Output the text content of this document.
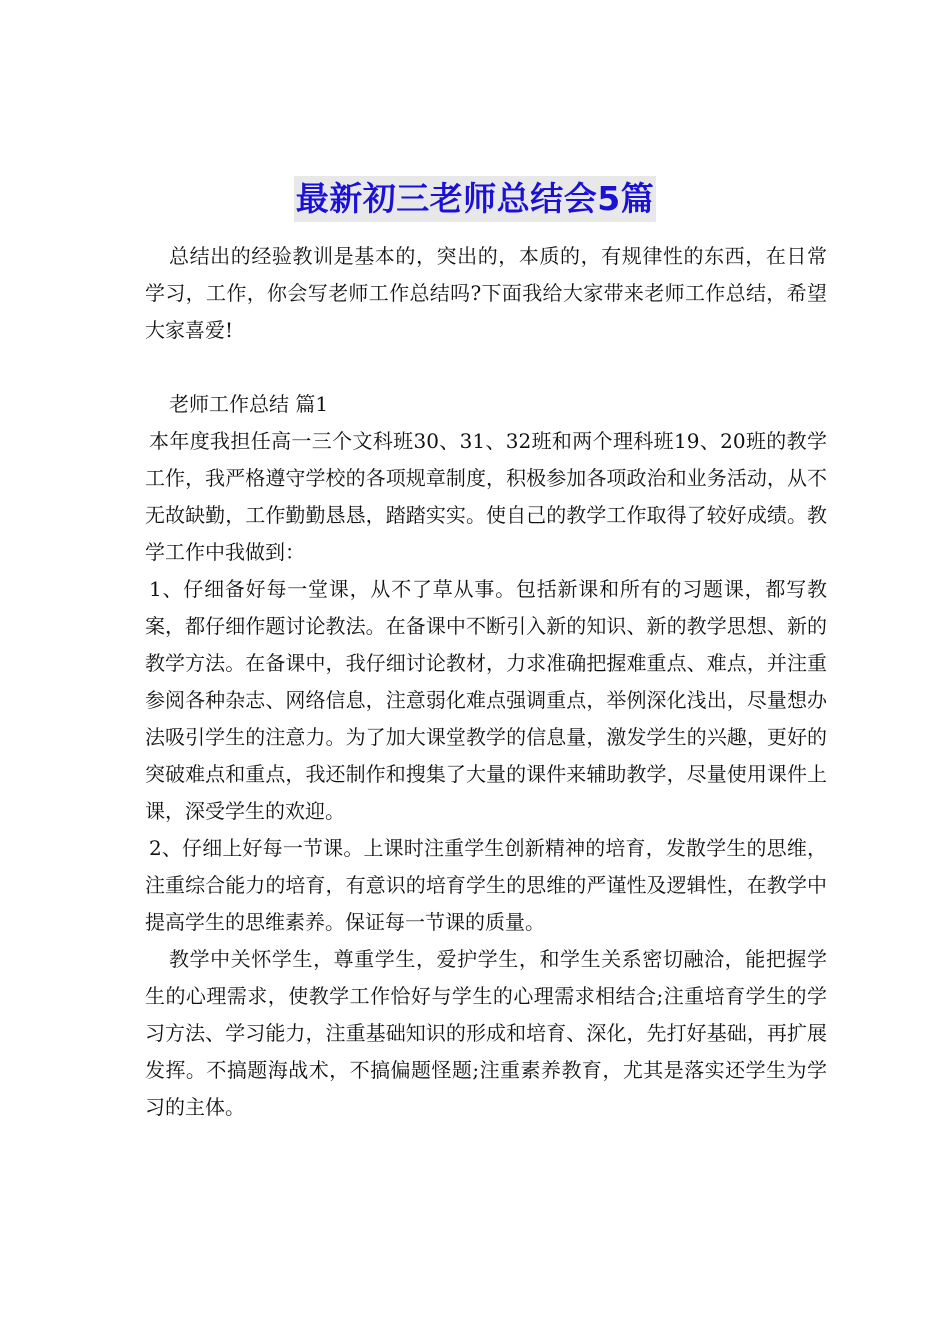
最新初三老师总结会5篇

总结出的经验教训是基本的，突出的，本质的，有规律性的东西，在日常学习，工作，你会写老师工作总结吗?下面我给大家带来老师工作总结，希望大家喜爱!

老师工作总结 篇1

本年度我担任高一三个文科班30、31、32班和两个理科班19、20班的教学工作，我严格遵守学校的各项规章制度，积极参加各项政治和业务活动，从不无故缺勤，工作勤勤恳恳，踏踏实实。使自己的教学工作取得了较好成绩。教学工作中我做到：

1、仔细备好每一堂课，从不了草从事。包括新课和所有的习题课，都写教案，都仔细作题讨论教法。在备课中不断引入新的知识、新的教学思想、新的教学方法。在备课中，我仔细讨论教材，力求准确把握难重点、难点，并注重参阅各种杂志、网络信息，注意弱化难点强调重点，举例深化浅出，尽量想办法吸引学生的注意力。为了加大课堂教学的信息量，激发学生的兴趣，更好的突破难点和重点，我还制作和搜集了大量的课件来辅助教学，尽量使用课件上课，深受学生的欢迎。

2、仔细上好每一节课。上课时注重学生创新精神的培育，发散学生的思维，注重综合能力的培育，有意识的培育学生的思维的严谨性及逻辑性，在教学中提高学生的思维素养。保证每一节课的质量。

教学中关怀学生，尊重学生，爱护学生，和学生关系密切融洽，能把握学生的心理需求，使教学工作恰好与学生的心理需求相结合;注重培育学生的学习方法、学习能力，注重基础知识的形成和培育、深化，先打好基础，再扩展发挥。不搞题海战术，不搞偏题怪题;注重素养教育，尤其是落实还学生为学习的主体。
